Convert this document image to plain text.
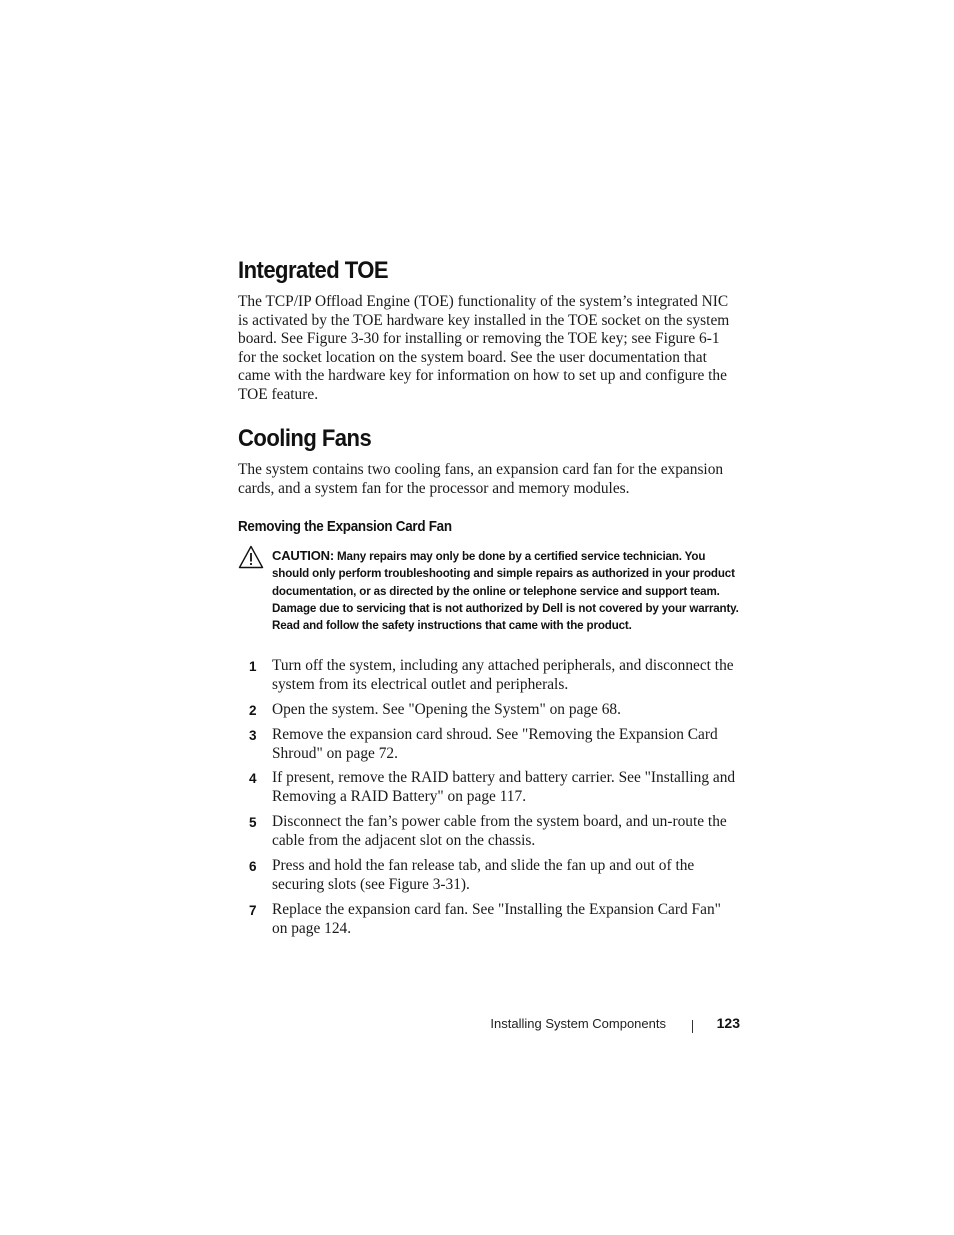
Integrated TOE

The TCP/IP Offload Engine (TOE) functionality of the system’s integrated NIC is activated by the TOE hardware key installed in the TOE socket on the system board. See Figure 3-30 for installing or removing the TOE key; see Figure 6-1 for the socket location on the system board. See the user documentation that came with the hardware key for information on how to set up and configure the TOE feature.

Cooling Fans

The system contains two cooling fans, an expansion card fan for the expansion cards, and a system fan for the processor and memory modules.

Removing the Expansion Card Fan

CAUTION: Many repairs may only be done by a certified service technician. You should only perform troubleshooting and simple repairs as authorized in your product documentation, or as directed by the online or telephone service and support team. Damage due to servicing that is not authorized by Dell is not covered by your warranty. Read and follow the safety instructions that came with the product.

1 Turn off the system, including any attached peripherals, and disconnect the system from its electrical outlet and peripherals.
2 Open the system. See "Opening the System" on page 68.
3 Remove the expansion card shroud. See "Removing the Expansion Card Shroud" on page 72.
4 If present, remove the RAID battery and battery carrier. See "Installing and Removing a RAID Battery" on page 117.
5 Disconnect the fan’s power cable from the system board, and un-route the cable from the adjacent slot on the chassis.
6 Press and hold the fan release tab, and slide the fan up and out of the securing slots (see Figure 3-31).
7 Replace the expansion card fan. See "Installing the Expansion Card Fan" on page 124.
Installing System Components	123
